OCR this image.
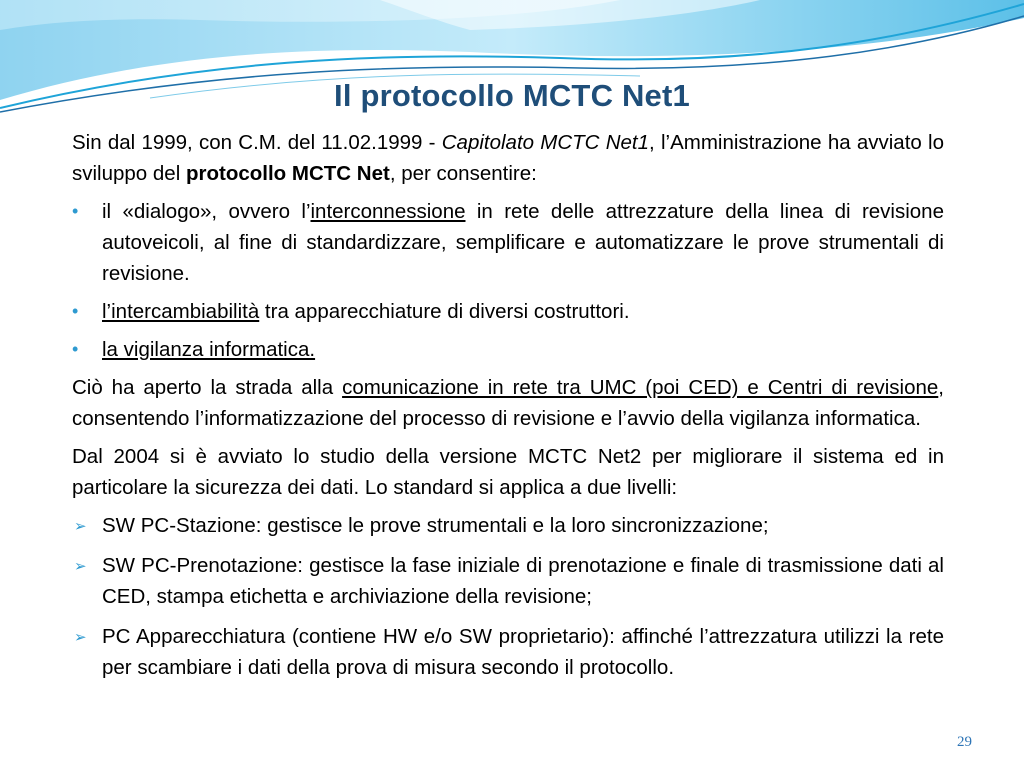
Il protocollo MCTC Net1
Sin dal 1999, con C.M. del 11.02.1999 - Capitolato MCTC Net1, l’Amministrazione ha avviato lo sviluppo del protocollo MCTC Net, per consentire:
• il «dialogo», ovvero l’interconnessione in rete delle attrezzature della linea di revisione autoveicoli, al fine di standardizzare, semplificare e automatizzare le prove strumentali di revisione.
• l’intercambiabilità tra apparecchiature di diversi costruttori.
• la vigilanza informatica.
Ciò ha aperto la strada alla comunicazione in rete tra UMC (poi CED) e Centri di revisione, consentendo l’informatizzazione del processo di revisione e l’avvio della vigilanza informatica.
Dal 2004 si è avviato lo studio della versione MCTC Net2 per migliorare il sistema ed in particolare la sicurezza dei dati. Lo standard si applica a due livelli:
➢ SW PC-Stazione: gestisce le prove strumentali e la loro sincronizzazione;
➢ SW PC-Prenotazione: gestisce la fase iniziale di prenotazione e finale di trasmissione dati al CED, stampa etichetta e archiviazione della revisione;
➢ PC Apparecchiatura (contiene HW e/o SW proprietario): affinché l’attrezzatura utilizzi la rete per scambiare i dati della prova di misura secondo il protocollo.
29
